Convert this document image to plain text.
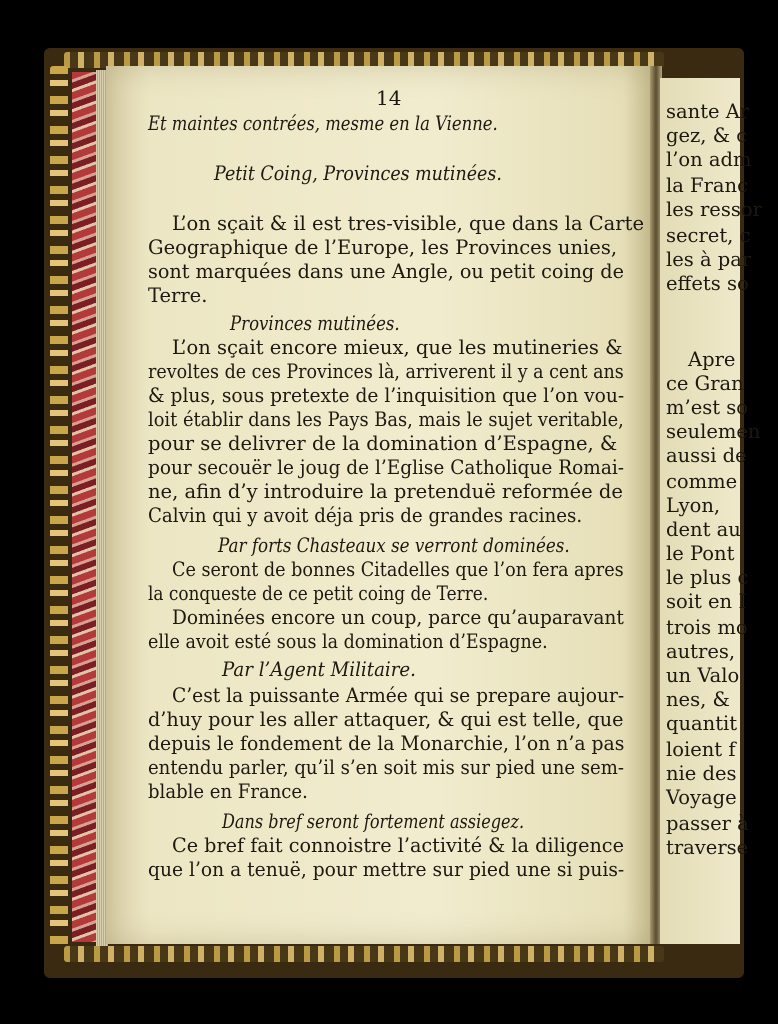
sante Ar
gez, & c
l’on adm
la Franc
les ressor
secret, c
les à par
effets so
Apre
ce Gran
m’est so
seulemen
aussi de
comme
Lyon,
dent au
le Pont
le plus c
soit en I
trois mo
autres,
un Valo
nes, &
quantit
loient f
nie des
Voyage
passer à
traverse
14
Et maintes contrées, mesme en la Vienne.
Petit Coing, Provinces mutinées.
L’on sçait & il est tres-visible, que dans la Carte
Geographique de l’Europe, les Provinces unies,
sont marquées dans une Angle, ou petit coing de
Terre.
Provinces mutinées.
L’on sçait encore mieux, que les mutineries &
revoltes de ces Provinces là, arriverent il y a cent ans
& plus, sous pretexte de l’inquisition que l’on vou-
loit établir dans les Pays Bas, mais le sujet veritable,
pour se delivrer de la domination d’Espagne, &
pour secouër le joug de l’Eglise Catholique Romai-
ne, afin d’y introduire la pretenduë reformée de
Calvin qui y avoit déja pris de grandes racines.
Par forts Chasteaux se verront dominées.
Ce seront de bonnes Citadelles que l’on fera apres
la conqueste de ce petit coing de Terre.
Dominées encore un coup, parce qu’auparavant
elle avoit esté sous la domination d’Espagne.
Par l’Agent Militaire.
C’est la puissante Armée qui se prepare aujour-
d’huy pour les aller attaquer, & qui est telle, que
depuis le fondement de la Monarchie, l’on n’a pas
entendu parler, qu’il s’en soit mis sur pied une sem-
blable en France.
Dans bref seront fortement assiegez.
Ce bref fait connoistre l’activité & la diligence
que l’on a tenuë, pour mettre sur pied une si puis-
